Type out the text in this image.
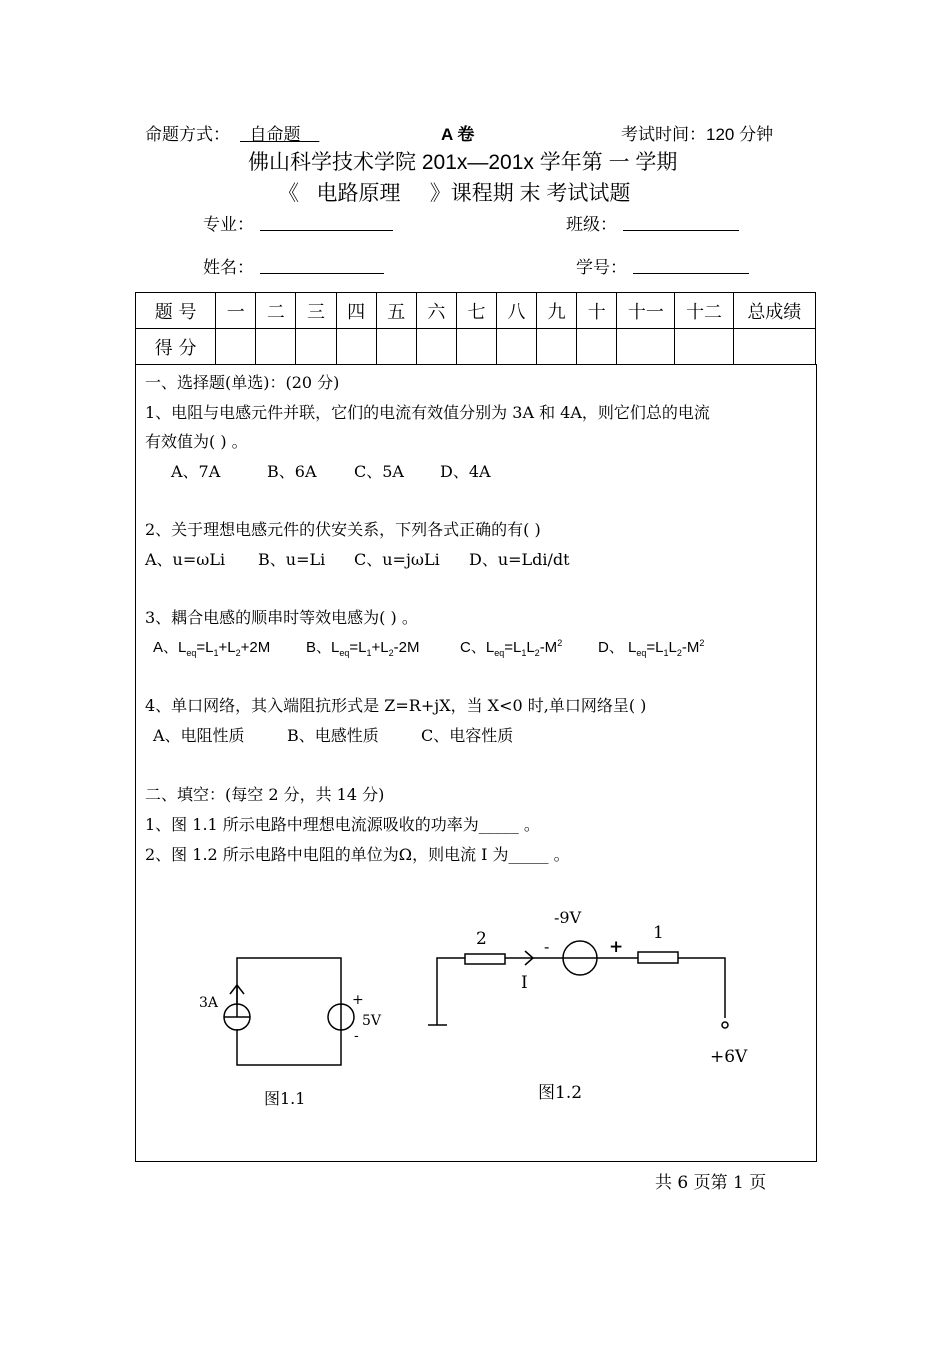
命题方式：	自命题	A 卷	考试时间：120 分钟
佛山科学技术学院 201x—201x 学年第 一 学期
《 电路原理 》课程期 末 考试试题
专业：	班级：
姓名：	学号：
题 号	一	二	三	四	五	六	七	八	九	十	十一	十二	总成绩
得 分													
一、选择题(单选)：(20 分)
1、电阻与电感元件并联，它们的电流有效值分别为 3A 和 4A，则它们总的电流
有效值为( ) 。
A、7A	B、6A C、5A D、4A
2、关于理想电感元件的伏安关系，下列各式正确的有( )
A、u=ωLi B、u=Li C、u=jωLi D、u=Ldi/dt
3、耦合电感的顺串时等效电感为( ) 。
A、$L_{eq}=L_1+L_2+2M$ B、$L_{eq}=L_1+L_2-2M$	C、$L_{eq}=L_1L_2-M^2$ D、 $L_{eq}=L_1L_2-M^2$
4、单口网络，其入端阻抗形式是 Z=R+jX，当 X<0 时,单口网络呈( )
A、电阻性质	B、电感性质	C、电容性质
二、填空：(每空 2 分，共 14 分)
1、图 1.1 所示电路中理想电流源吸收的功率为_____ 。
2、图 1.2 所示电路中电阻的单位为Ω，则电流 I 为_____ 。
3A	+
5V
-
图1.1
2
I
-9V
-	+
1
+6V
图1.2
共 6 页第 1 页
